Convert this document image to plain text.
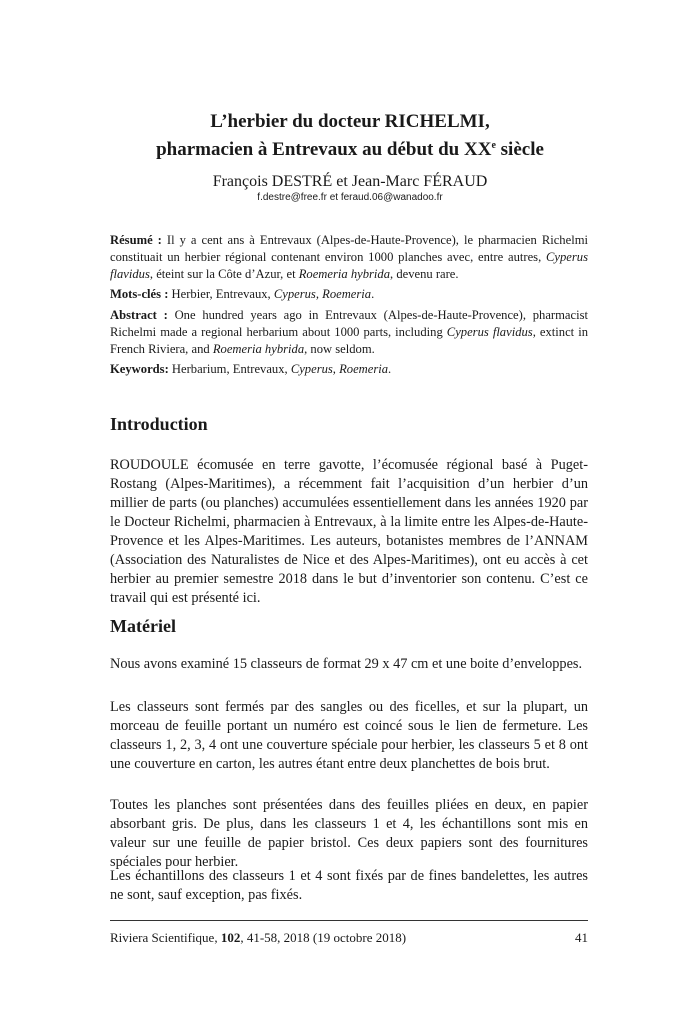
L’herbier du docteur RICHELMI,
pharmacien à Entrevaux au début du XXe siècle

François DESTRÉ et Jean-Marc FÉRAUD

f.destre@free.fr et feraud.06@wanadoo.fr

Résumé : Il y a cent ans à Entrevaux (Alpes-de-Haute-Provence), le pharmacien Richelmi constituait un herbier régional contenant environ 1000 planches avec, entre autres, Cyperus flavidus, éteint sur la Côte d’Azur, et Roemeria hybrida, devenu rare.

Mots-clés : Herbier, Entrevaux, Cyperus, Roemeria.

Abstract : One hundred years ago in Entrevaux (Alpes-de-Haute-Provence), pharmacist Richelmi made a regional herbarium about 1000 parts, including Cyperus flavidus, extinct in French Riviera, and Roemeria hybrida, now seldom.

Keywords: Herbarium, Entrevaux, Cyperus, Roemeria.

Introduction

ROUDOULE écomusée en terre gavotte, l’écomusée régional basé à Puget-Rostang (Alpes-Maritimes), a récemment fait l’acquisition d’un herbier d’un millier de parts (ou planches) accumulées essentiellement dans les années 1920 par le Docteur Richelmi, pharmacien à Entrevaux, à la limite entre les Alpes-de-Haute-Provence et les Alpes-Maritimes. Les auteurs, botanistes membres de l’ANNAM (Association des Naturalistes de Nice et des Alpes-Maritimes), ont eu accès à cet herbier au premier semestre 2018 dans le but d’inventorier son contenu. C’est ce travail qui est présenté ici.

Matériel

Nous avons examiné 15 classeurs de format 29 x 47 cm et une boite d’enveloppes.

Les classeurs sont fermés par des sangles ou des ficelles, et sur la plupart, un morceau de feuille portant un numéro est coincé sous le lien de fermeture. Les classeurs 1, 2, 3, 4 ont une couverture spéciale pour herbier, les classeurs 5 et 8 ont une couverture en carton, les autres étant entre deux planchettes de bois brut.

Toutes les planches sont présentées dans des feuilles pliées en deux, en papier absorbant gris. De plus, dans les classeurs 1 et 4, les échantillons sont mis en valeur sur une feuille de papier bristol. Ces deux papiers sont des fournitures spéciales pour herbier.

Les échantillons des classeurs 1 et 4 sont fixés par de fines bandelettes, les autres ne sont, sauf exception, pas fixés.

Riviera Scientifique, 102, 41-58, 2018 (19 octobre 2018)	41
